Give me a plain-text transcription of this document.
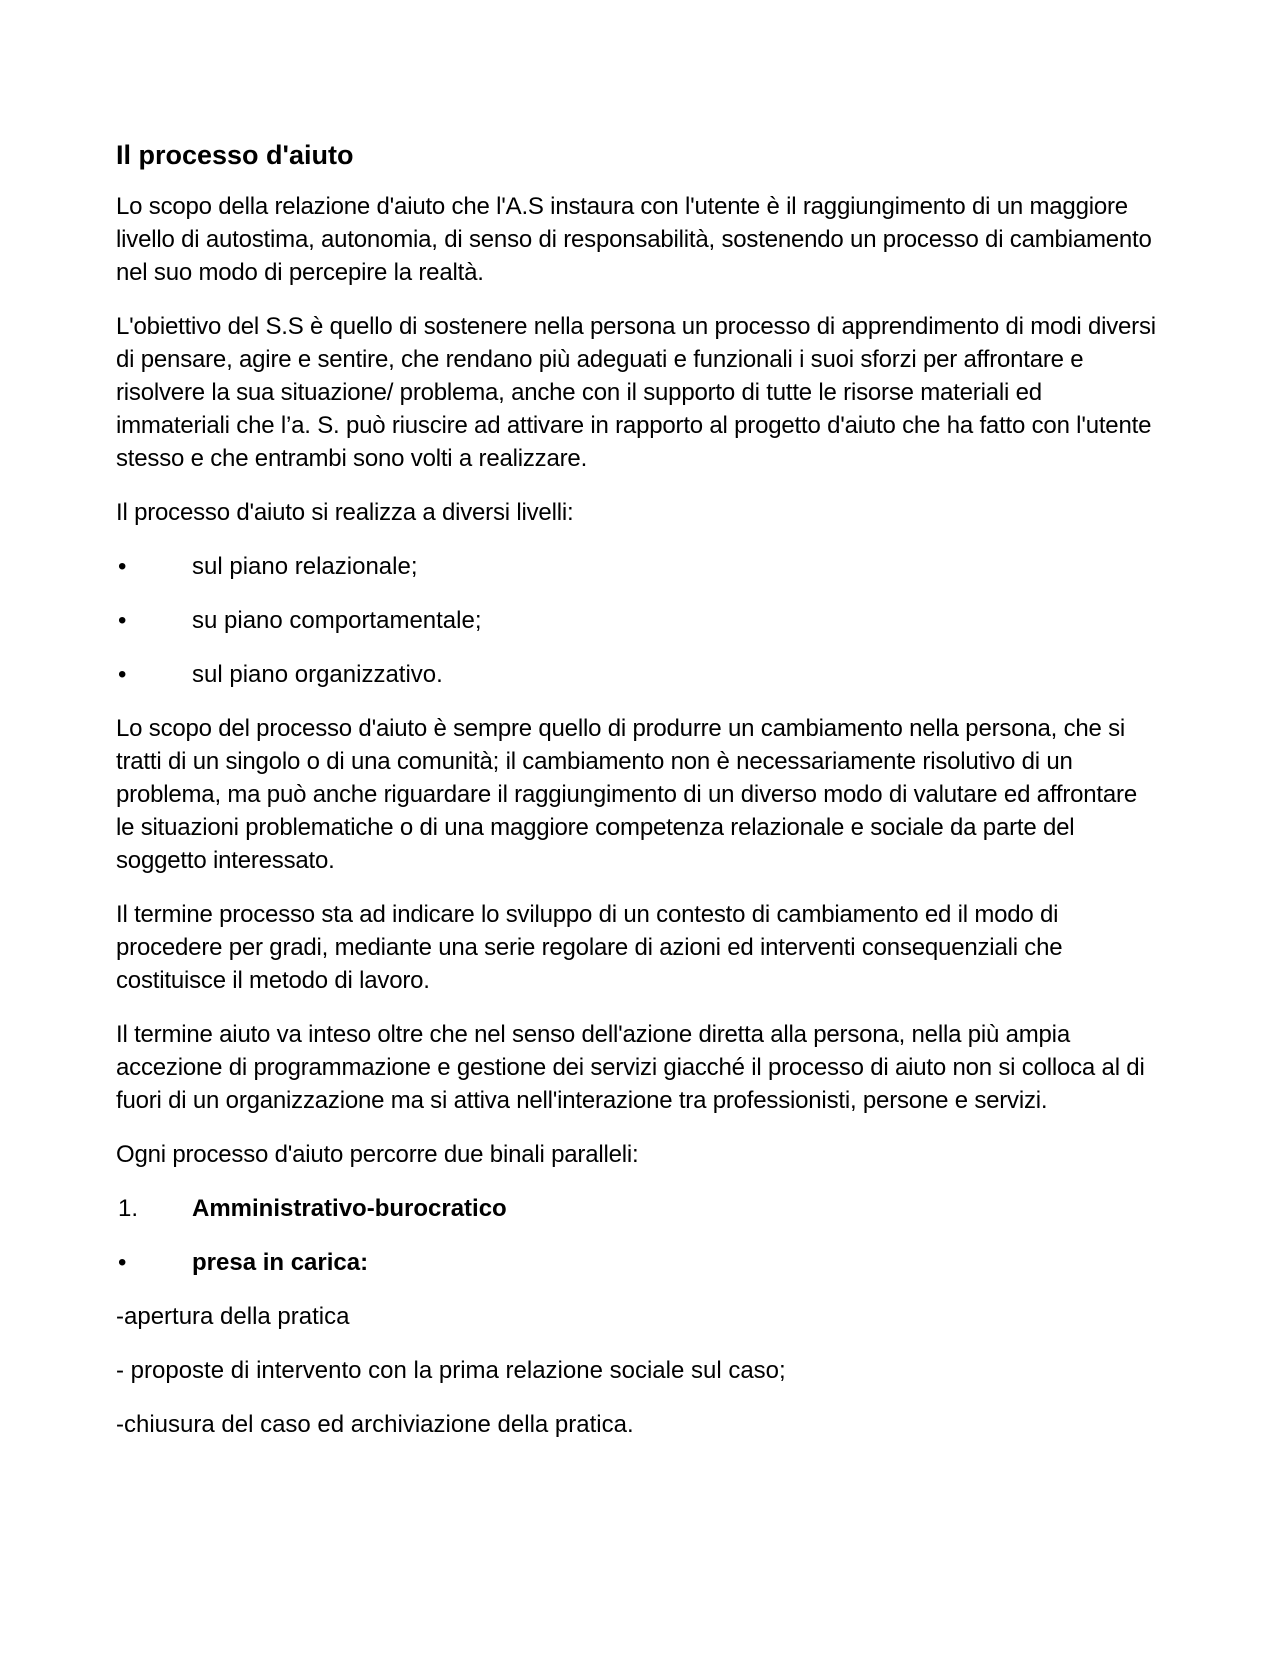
Il processo d'aiuto

Lo scopo della relazione d'aiuto che l'A.S instaura con l'utente è il raggiungimento di un maggiore livello di autostima, autonomia, di senso di responsabilità, sostenendo un processo di cambiamento nel suo modo di percepire la realtà.

L'obiettivo del S.S è quello di sostenere nella persona un processo di apprendimento di modi diversi di pensare, agire e sentire, che rendano più adeguati e funzionali i suoi sforzi per affrontare e risolvere la sua situazione/ problema, anche con il supporto di tutte le risorse materiali ed immateriali che l’a. S. può riuscire ad attivare in rapporto al progetto d'aiuto che ha fatto con l'utente stesso e che entrambi sono volti a realizzare.

Il processo d'aiuto si realizza a diversi livelli:

•	sul piano relazionale;
•	su piano comportamentale;
•	sul piano organizzativo.

Lo scopo del processo d'aiuto è sempre quello di produrre un cambiamento nella persona, che si tratti di un singolo o di una comunità; il cambiamento non è necessariamente risolutivo di un problema, ma può anche riguardare il raggiungimento di un diverso modo di valutare ed affrontare le situazioni problematiche o di una maggiore competenza relazionale e sociale da parte del soggetto interessato.

Il termine processo sta ad indicare lo sviluppo di un contesto di cambiamento ed il modo di procedere per gradi, mediante una serie regolare di azioni ed interventi consequenziali che costituisce il metodo di lavoro.

Il termine aiuto va inteso oltre che nel senso dell'azione diretta alla persona, nella più ampia accezione di programmazione e gestione dei servizi giacché il processo di aiuto non si colloca al di fuori di un organizzazione ma si attiva nell'interazione tra professionisti, persone e servizi.

Ogni processo d'aiuto percorre due binali paralleli:

1.	Amministrativo-burocratico
•	presa in carica:
-apertura della pratica
- proposte di intervento con la prima relazione sociale sul caso;
-chiusura del caso ed archiviazione della pratica.
